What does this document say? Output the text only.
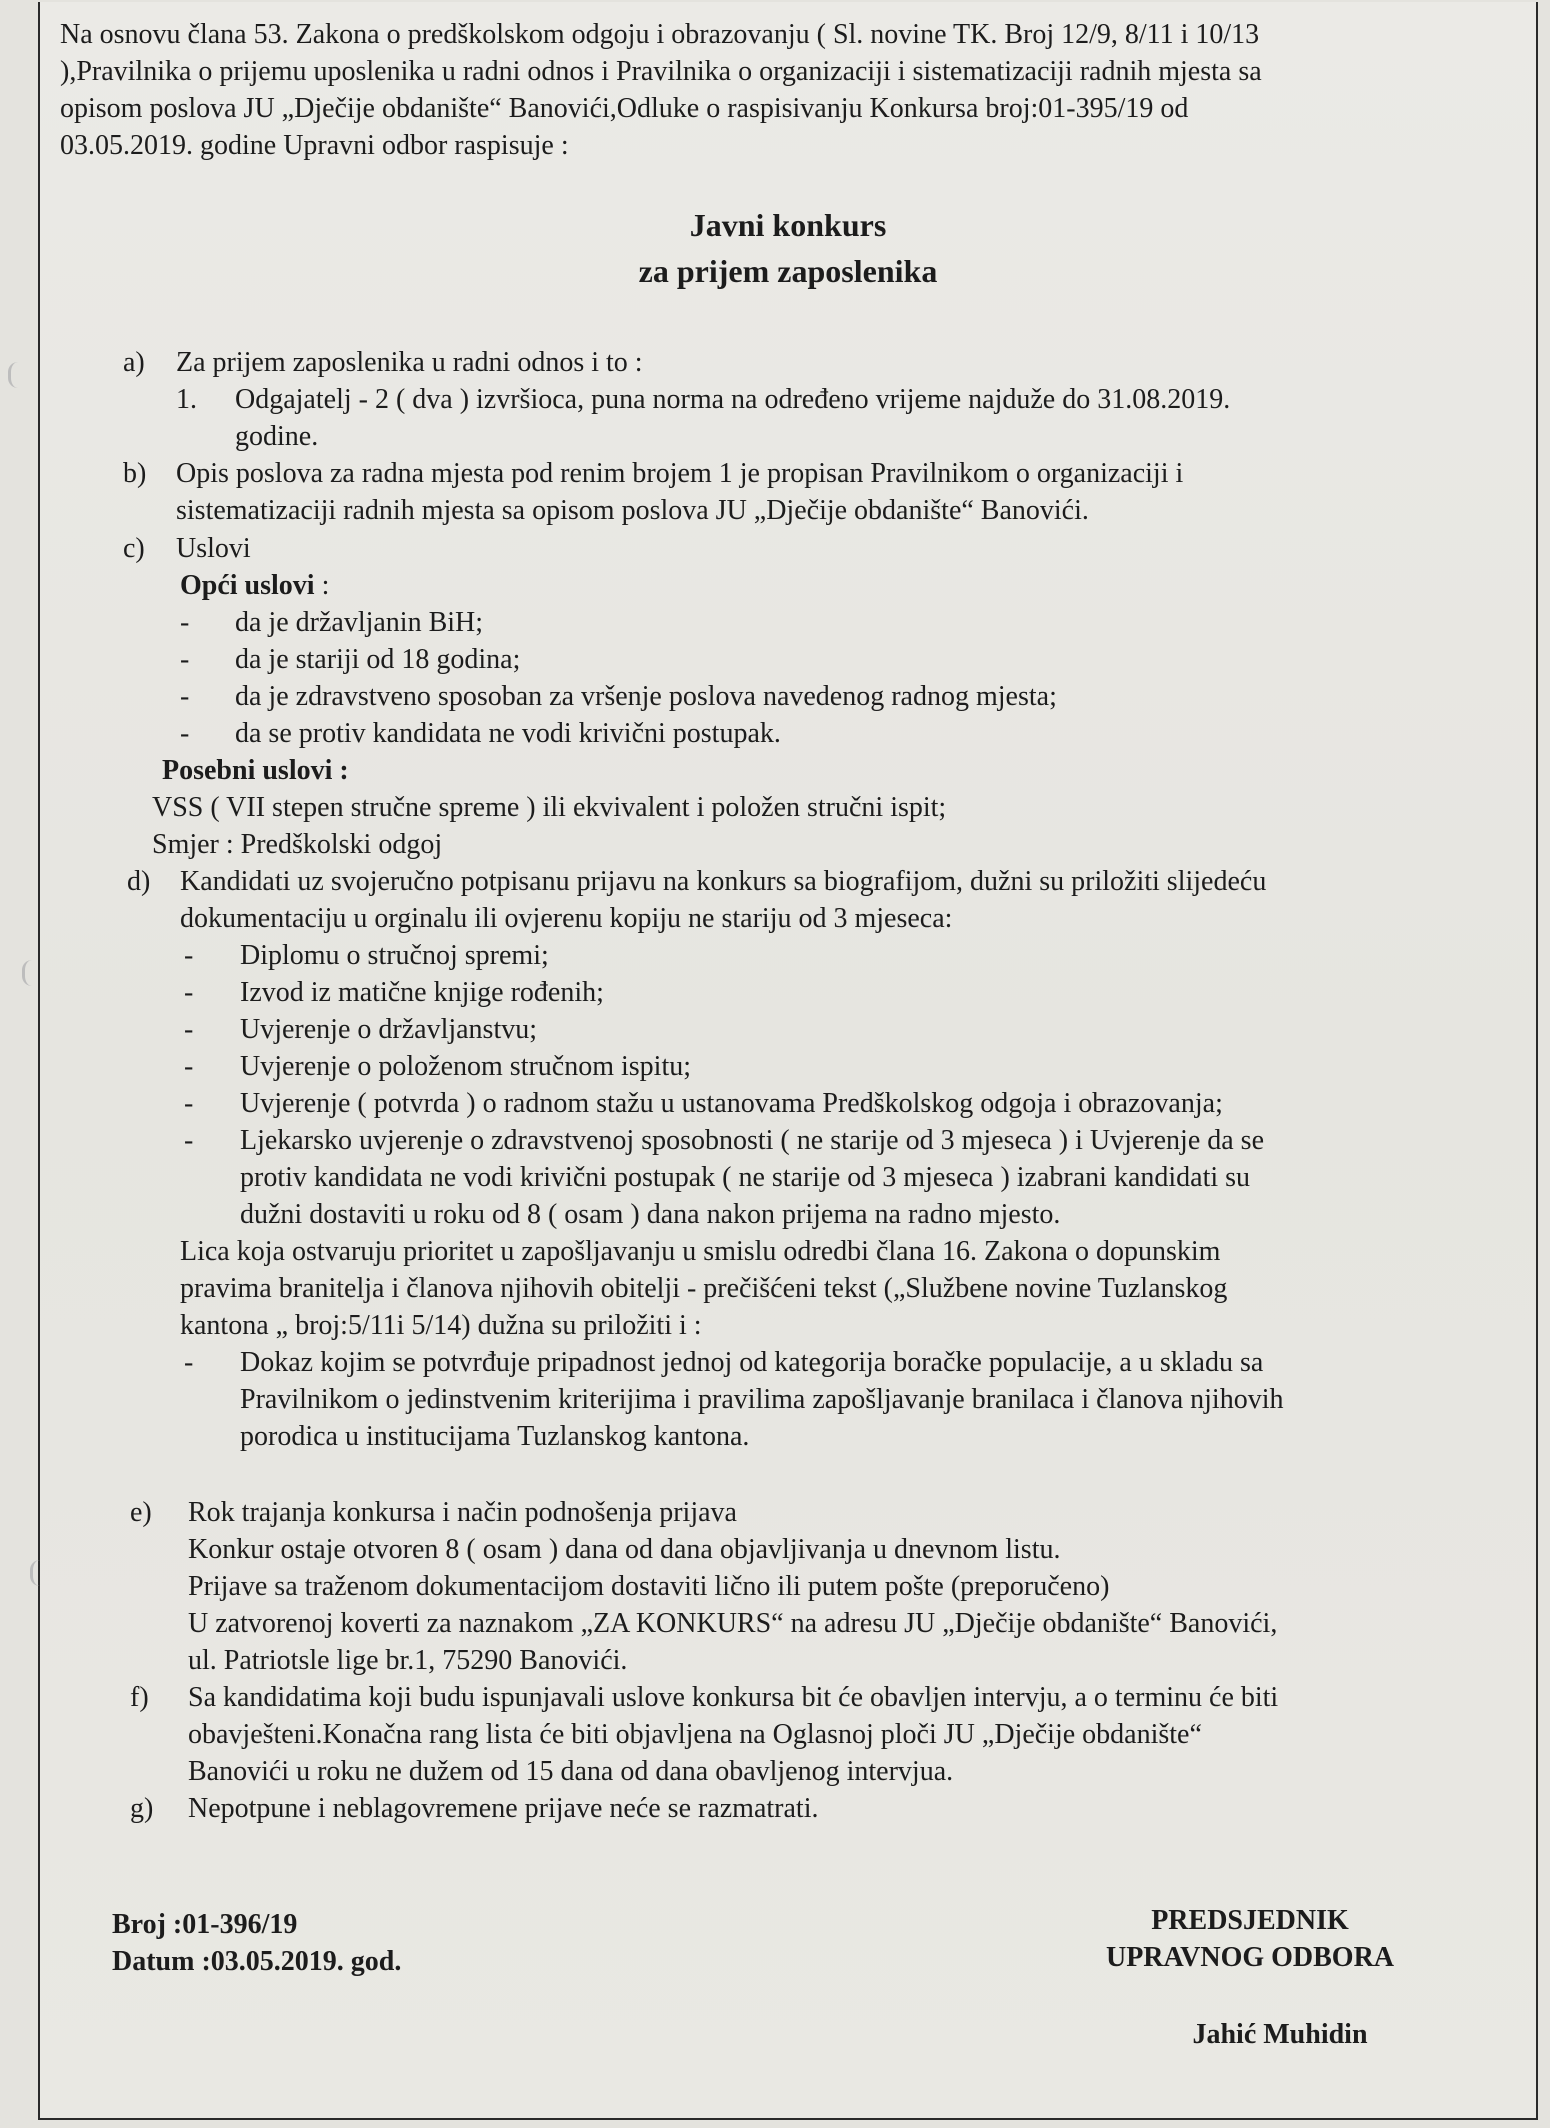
Na osnovu člana 53. Zakona o predškolskom odgoju i obrazovanju ( Sl. novine TK. Broj 12/9, 8/11 i 10/13
),Pravilnika o prijemu uposlenika u radni odnos i Pravilnika o organizaciji i sistematizaciji radnih mjesta sa
opisom poslova JU „Dječije obdanište“ Banovići,Odluke o raspisivanju Konkursa broj:01-395/19 od
03.05.2019. godine Upravni odbor raspisuje :
Javni konkurs
za prijem zaposlenika
a) Za prijem zaposlenika u radni odnos i to :
1. Odgajatelj - 2 ( dva ) izvršioca, puna norma na određeno vrijeme najduže do 31.08.2019.
godine.
b) Opis poslova za radna mjesta pod renim brojem 1 je propisan Pravilnikom o organizaciji i
sistematizaciji radnih mjesta sa opisom poslova JU „Dječije obdanište“ Banovići.
c) Uslovi
Opći uslovi :
- da je državljanin BiH;
- da je stariji od 18 godina;
- da je zdravstveno sposoban za vršenje poslova navedenog radnog mjesta;
- da se protiv kandidata ne vodi krivični postupak.
Posebni uslovi :
VSS ( VII stepen stručne spreme ) ili ekvivalent i položen stručni ispit;
Smjer : Predškolski odgoj
d) Kandidati uz svojeručno potpisanu prijavu na konkurs sa biografijom, dužni su priložiti slijedeću
dokumentaciju u orginalu ili ovjerenu kopiju ne stariju od 3 mjeseca:
- Diplomu o stručnoj spremi;
- Izvod iz matične knjige rođenih;
- Uvjerenje o državljanstvu;
- Uvjerenje o položenom stručnom ispitu;
- Uvjerenje ( potvrda ) o radnom stažu u ustanovama Predškolskog odgoja i obrazovanja;
- Ljekarsko uvjerenje o zdravstvenoj sposobnosti ( ne starije od 3 mjeseca ) i Uvjerenje da se
protiv kandidata ne vodi krivični postupak ( ne starije od 3 mjeseca ) izabrani kandidati su
dužni dostaviti u roku od 8 ( osam ) dana nakon prijema na radno mjesto.
Lica koja ostvaruju prioritet u zapošljavanju u smislu odredbi člana 16. Zakona o dopunskim
pravima branitelja i članova njihovih obitelji - prečišćeni tekst („Službene novine Tuzlanskog
kantona „ broj:5/11i 5/14) dužna su priložiti i :
- Dokaz kojim se potvrđuje pripadnost jednoj od kategorija boračke populacije, a u skladu sa
Pravilnikom o jedinstvenim kriterijima i pravilima zapošljavanje branilaca i članova njihovih
porodica u institucijama Tuzlanskog kantona.
e) Rok trajanja konkursa i način podnošenja prijava
Konkur ostaje otvoren 8 ( osam ) dana od dana objavljivanja u dnevnom listu.
Prijave sa traženom dokumentacijom dostaviti lično ili putem pošte (preporučeno)
U zatvorenoj koverti za naznakom „ZA KONKURS“ na adresu JU „Dječije obdanište“ Banovići,
ul. Patriotsle lige br.1, 75290 Banovići.
f) Sa kandidatima koji budu ispunjavali uslove konkursa bit će obavljen intervju, a o terminu će biti
obavješteni.Konačna rang lista će biti objavljena na Oglasnoj ploči JU „Dječije obdanište“
Banovići u roku ne dužem od 15 dana od dana obavljenog intervjua.
g) Nepotpune i neblagovremene prijave neće se razmatrati.
Broj :01-396/19
Datum :03.05.2019. god.
PREDSJEDNIK
UPRAVNOG ODBORA
Jahić Muhidin
